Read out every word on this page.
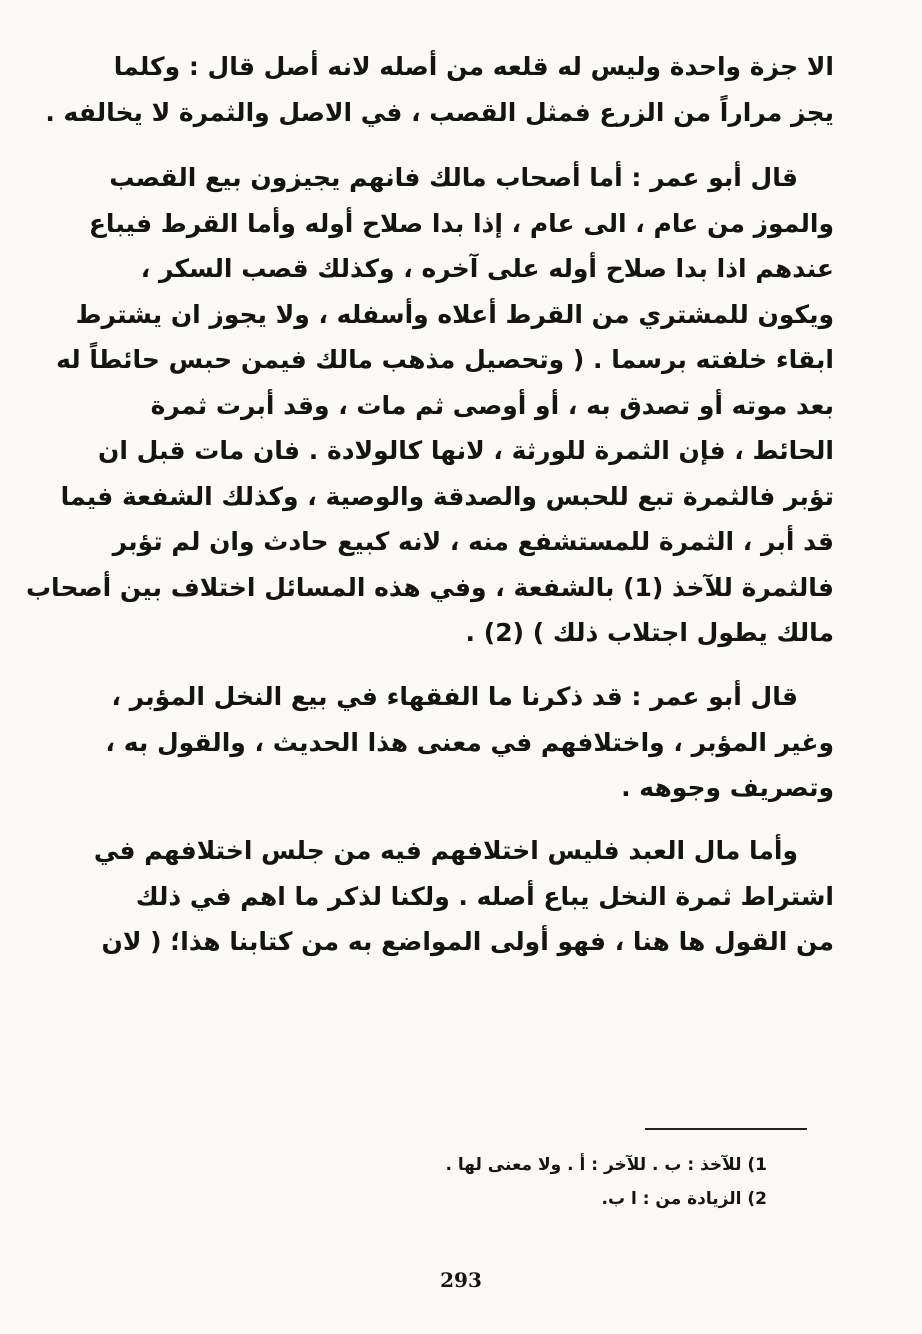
الا جزة واحدة وليس له قلعه من أصله لانه أصل قال : وكلما
يجز مراراً من الزرع فمثل القصب ، في الاصل والثمرة لا يخالفه .
قال أبو عمر : أما أصحاب مالك فانهم يجيزون بيع القصب
والموز من عام ، الى عام ، إذا بدا صلاح أوله وأما القرط فيباع
عندهم اذا بدا صلاح أوله على آخره ، وكذلك قصب السكر ،
ويكون للمشتري من القرط أعلاه وأسفله ، ولا يجوز ان يشترط
ابقاء خلفته برسما . ( وتحصيل مذهب مالك فيمن حبس حائطاً له
بعد موته أو تصدق به ، أو أوصى ثم مات ، وقد أبرت ثمرة
الحائط ، فإن الثمرة للورثة ، لانها كالولادة . فان مات قبل ان
تؤبر فالثمرة تبع للحبس والصدقة والوصية ، وكذلك الشفعة فيما
قد أبر ، الثمرة للمستشفع منه ، لانه كبيع حادث وان لم تؤبر
فالثمرة للآخذ (1) بالشفعة ، وفي هذه المسائل اختلاف بين أصحاب
مالك يطول اجتلاب ذلك ) (2) .
قال أبو عمر : قد ذكرنا ما الفقهاء في بيع النخل المؤبر ،
وغير المؤبر ، واختلافهم في معنى هذا الحديث ، والقول به ،
وتصريف وجوهه .
وأما مال العبد فليس اختلافهم فيه من جلس اختلافهم في
اشتراط ثمرة النخل يباع أصله . ولكنا لذكر ما اهم في ذلك
من القول ها هنا ، فهو أولى المواضع به من كتابنا هذا؛ ( لان
1) للآخذ : ب . للآخر : أ . ولا معنى لها .
2) الزيادة من : ا ب.
293
